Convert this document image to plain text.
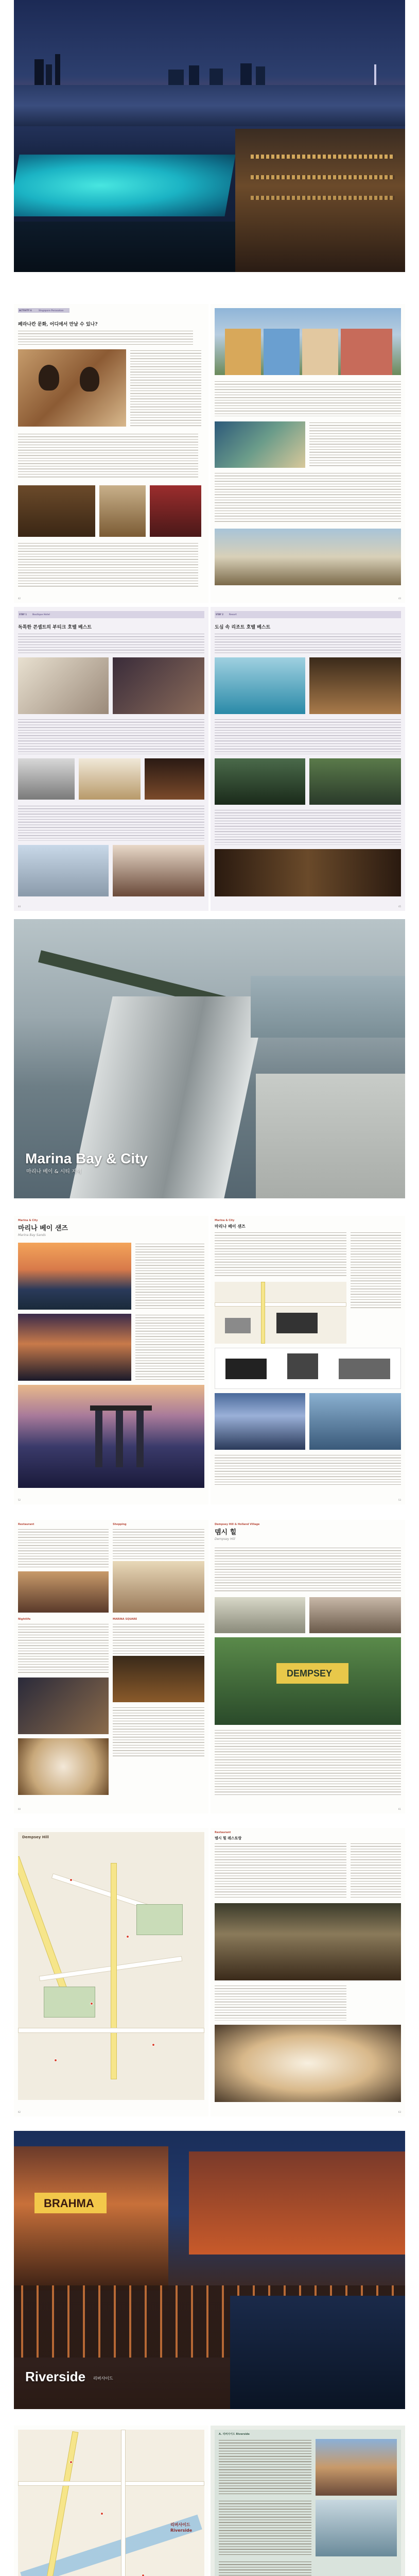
ACTIVITY 6	Singapore Peranakan
페라나칸 문화, 어디에서 만날 수 있나?
42	43
STAY 1	Boutique Hotel
독특한 콘셉트의 부티크 호텔 베스트
44
STAY 2	Resort
도심 속 리조트 호텔 베스트
45
Marina Bay & City
마리나 베이 & 시티 지역
Marina & City
마리나 베이 샌즈
Marina Bay Sands
52
Marina & City
마리나 베이 샌즈
53
Restaurant	Shopping
Nightlife	MARINA SQUARE
60
Dempsey Hill & Holland Village
뎀시 힐
Dempsey Hill
DEMPSEY
61
Dempsey Hill
62
Restaurant
뎀시 힐 레스토랑
63
BRAHMA
Riverside 리버사이드
리버사이드 Riverside
A. 리버사이드 Riverside
